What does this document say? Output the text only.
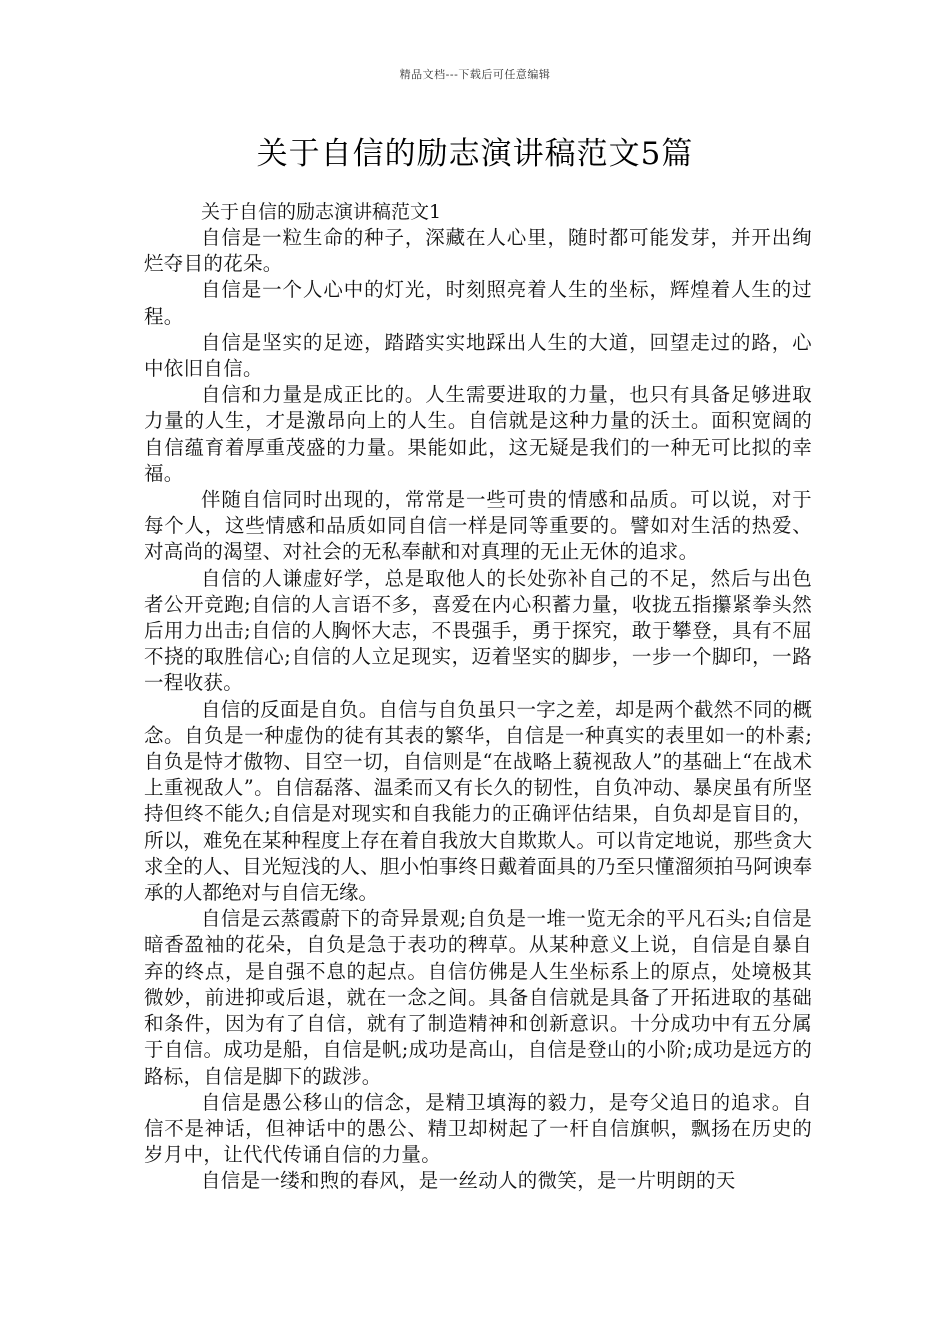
精品文档---下载后可任意编辑
关于自信的励志演讲稿范文5篇

关于自信的励志演讲稿范文1

自信是一粒生命的种子，深藏在人心里，随时都可能发芽，并开出绚烂夺目的花朵。

自信是一个人心中的灯光，时刻照亮着人生的坐标，辉煌着人生的过程。

自信是坚实的足迹，踏踏实实地踩出人生的大道，回望走过的路，心中依旧自信。

自信和力量是成正比的。人生需要进取的力量，也只有具备足够进取力量的人生，才是激昂向上的人生。自信就是这种力量的沃土。面积宽阔的自信蕴育着厚重茂盛的力量。果能如此，这无疑是我们的一种无可比拟的幸福。

伴随自信同时出现的，常常是一些可贵的情感和品质。可以说，对于每个人，这些情感和品质如同自信一样是同等重要的。譬如对生活的热爱、对高尚的渴望、对社会的无私奉献和对真理的无止无休的追求。

自信的人谦虚好学，总是取他人的长处弥补自己的不足，然后与出色者公开竞跑;自信的人言语不多，喜爱在内心积蓄力量，收拢五指攥紧拳头然后用力出击;自信的人胸怀大志，不畏强手，勇于探究，敢于攀登，具有不屈不挠的取胜信心;自信的人立足现实，迈着坚实的脚步，一步一个脚印，一路一程收获。

自信的反面是自负。自信与自负虽只一字之差，却是两个截然不同的概念。自负是一种虚伪的徒有其表的繁华，自信是一种真实的表里如一的朴素;自负是恃才傲物、目空一切，自信则是“在战略上藐视敌人”的基础上“在战术上重视敌人”。自信磊落、温柔而又有长久的韧性，自负冲动、暴戾虽有所坚持但终不能久;自信是对现实和自我能力的正确评估结果，自负却是盲目的，所以，难免在某种程度上存在着自我放大自欺欺人。可以肯定地说，那些贪大求全的人、目光短浅的人、胆小怕事终日戴着面具的乃至只懂溜须拍马阿谀奉承的人都绝对与自信无缘。

自信是云蒸霞蔚下的奇异景观;自负是一堆一览无余的平凡石头;自信是暗香盈袖的花朵，自负是急于表功的稗草。从某种意义上说，自信是自暴自弃的终点，是自强不息的起点。自信仿佛是人生坐标系上的原点，处境极其微妙，前进抑或后退，就在一念之间。具备自信就是具备了开拓进取的基础和条件，因为有了自信，就有了制造精神和创新意识。十分成功中有五分属于自信。成功是船，自信是帆;成功是高山，自信是登山的小阶;成功是远方的路标，自信是脚下的跋涉。

自信是愚公移山的信念，是精卫填海的毅力，是夸父追日的追求。自信不是神话，但神话中的愚公、精卫却树起了一杆自信旗帜，飘扬在历史的岁月中，让代代传诵自信的力量。

自信是一缕和煦的春风，是一丝动人的微笑，是一片明朗的天
